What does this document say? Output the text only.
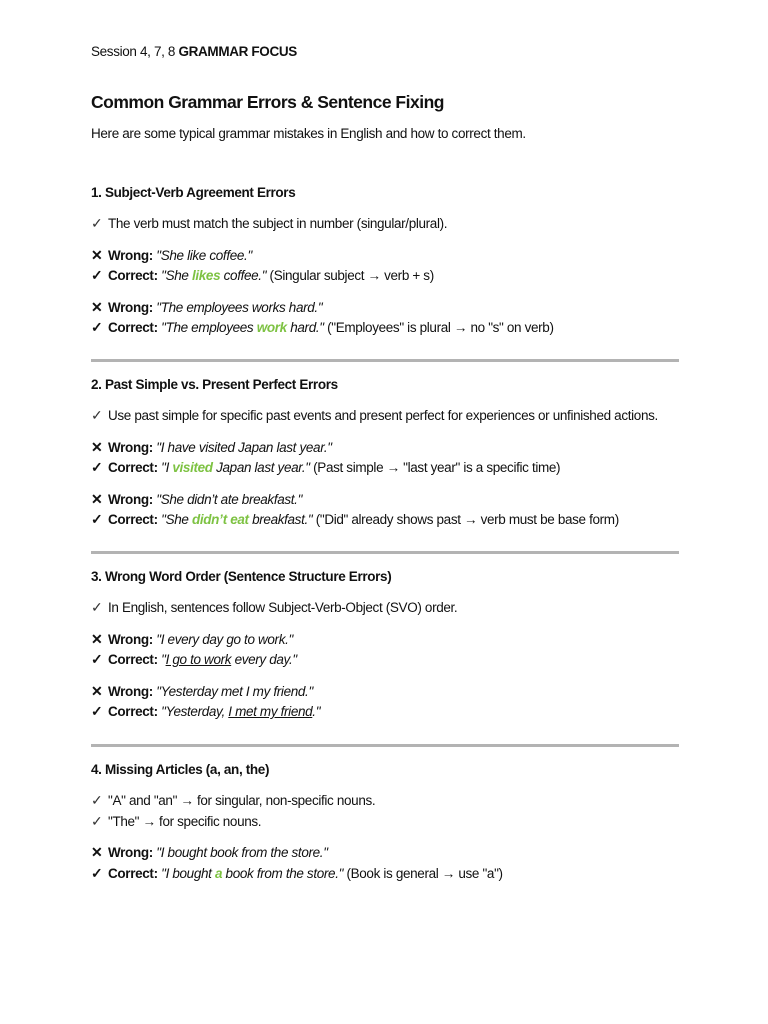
Session 4, 7, 8 GRAMMAR FOCUS
Common Grammar Errors & Sentence Fixing
Here are some typical grammar mistakes in English and how to correct them.
1. Subject-Verb Agreement Errors
✓ The verb must match the subject in number (singular/plural).
✕ Wrong: "She like coffee."
✓ Correct: "She likes coffee." (Singular subject → verb + s)
✕ Wrong: "The employees works hard."
✓ Correct: "The employees work hard." ("Employees" is plural → no "s" on verb)
2. Past Simple vs. Present Perfect Errors
✓ Use past simple for specific past events and present perfect for experiences or unfinished actions.
✕ Wrong: "I have visited Japan last year."
✓ Correct: "I visited Japan last year." (Past simple → "last year" is a specific time)
✕ Wrong: "She didn’t ate breakfast."
✓ Correct: "She didn’t eat breakfast." ("Did" already shows past → verb must be base form)
3. Wrong Word Order (Sentence Structure Errors)
✓ In English, sentences follow Subject-Verb-Object (SVO) order.
✕ Wrong: "I every day go to work."
✓ Correct: "I go to work every day."
✕ Wrong: "Yesterday met I my friend."
✓ Correct: "Yesterday, I met my friend."
4. Missing Articles (a, an, the)
✓ "A" and "an" → for singular, non-specific nouns.
✓ "The" → for specific nouns.
✕ Wrong: "I bought book from the store."
✓ Correct: "I bought a book from the store." (Book is general → use "a")
